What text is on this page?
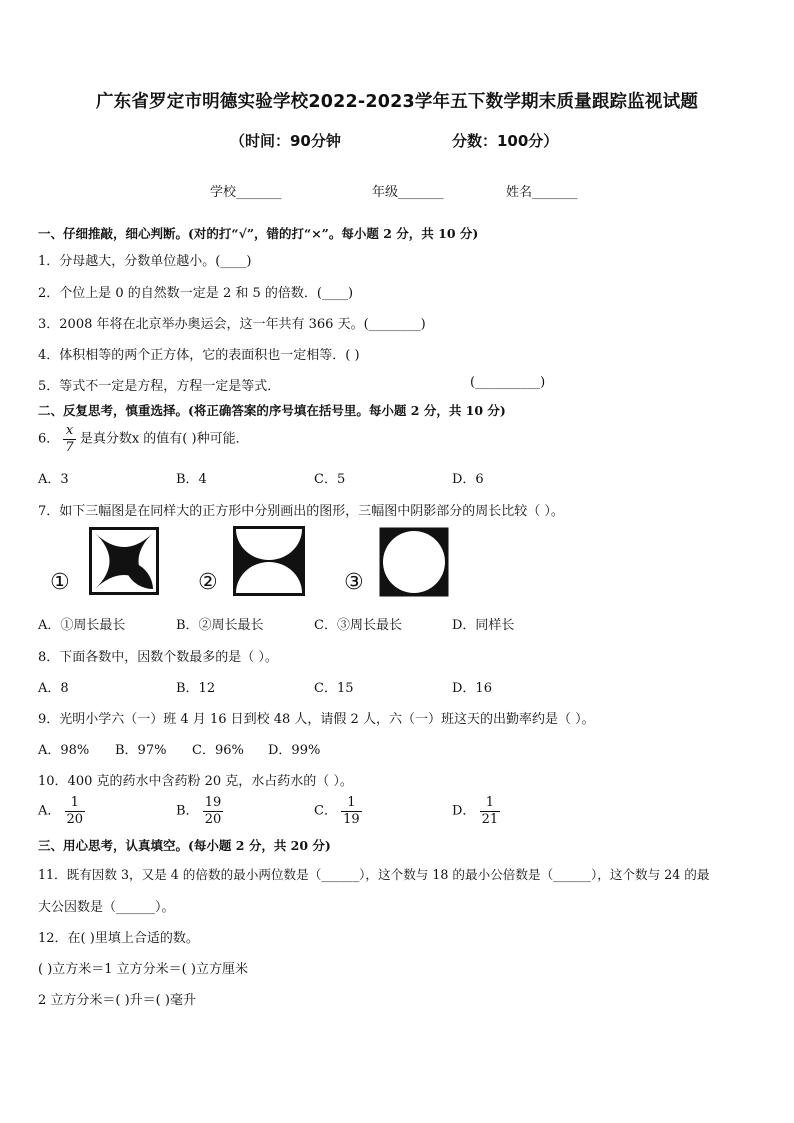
广东省罗定市明德实验学校2022-2023学年五下数学期末质量跟踪监视试题
（时间：90分钟	分数：100分）
学校_______	年级_______	姓名_______
一、仔细推敲，细心判断。(对的打“√”，错的打“×”。每小题 2 分，共 10 分)
1．分母越大，分数单位越小。(____)
2．个位上是 0 的自然数一定是 2 和 5 的倍数．(____)
3．2008 年将在北京举办奥运会，这一年共有 366 天。(________)
4．体积相等的两个正方体，它的表面积也一定相等．( )
5．等式不一定是方程，方程一定是等式．	(__________)
二、反复思考，慎重选择。(将正确答案的序号填在括号里。每小题 2 分，共 10 分)
6． $\frac{x}{7}$ 是真分数x 的值有( )种可能．
A．3	B．4	C．5	D．6
7．如下三幅图是在同样大的正方形中分别画出的图形，三幅图中阴影部分的周长比较（ ）。
①	②	③
A．①周长最长	B．②周长最长	C．③周长最长	D．同样长
8．下面各数中，因数个数最多的是（ ）。
A．8	B．12	C．15	D．16
9．光明小学六（一）班 4 月 16 日到校 48 人，请假 2 人，六（一）班这天的出勤率约是（ ）。
A．98% B．97% C．96% D．99%
10．400 克的药水中含药粉 20 克，水占药水的（ ）。
A． $\frac{1}{20}$	B． $\frac{19}{20}$	C． $\frac{1}{19}$	D． $\frac{1}{21}$
三、用心思考，认真填空。(每小题 2 分，共 20 分)
11．既有因数 3，又是 4 的倍数的最小两位数是（______），这个数与 18 的最小公倍数是（______），这个数与 24 的最
大公因数是（______）。
12．在( )里填上合适的数。
( )立方米＝1 立方分米＝( )立方厘米
2 立方分米＝( )升＝( )毫升
